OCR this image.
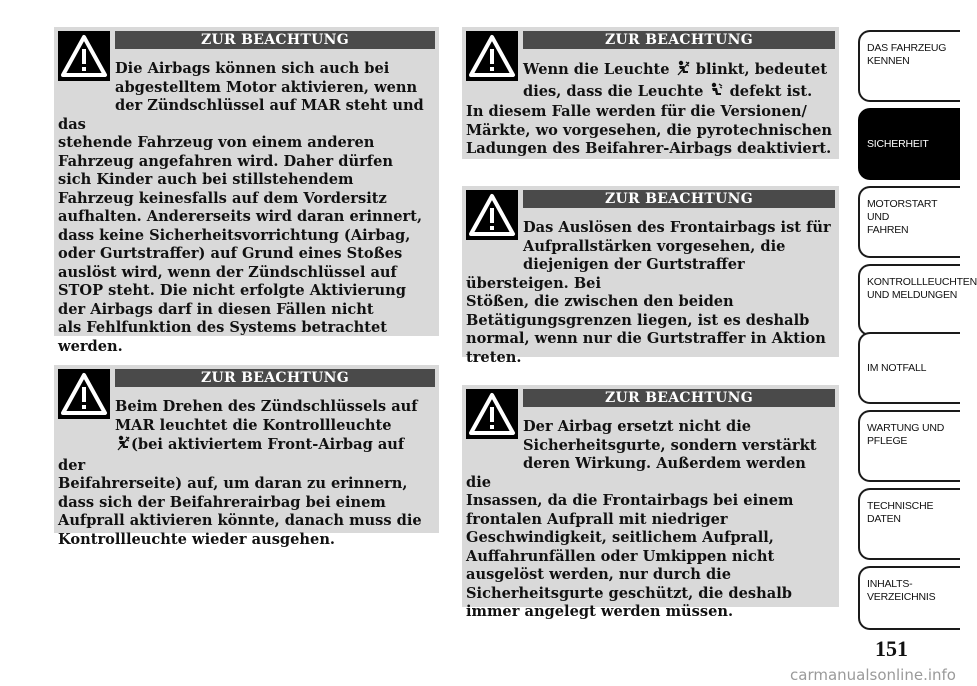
ZUR BEACHTUNG
Die Airbags können sich auch bei
abgestelltem Motor aktivieren, wenn
der Zündschlüssel auf MAR steht und das
stehende Fahrzeug von einem anderen
Fahrzeug angefahren wird. Daher dürfen
sich Kinder auch bei stillstehendem
Fahrzeug keinesfalls auf dem Vordersitz
aufhalten. Andererseits wird daran erinnert,
dass keine Sicherheitsvorrichtung (Airbag,
oder Gurtstraffer) auf Grund eines Stoßes
auslöst wird, wenn der Zündschlüssel auf
STOP steht. Die nicht erfolgte Aktivierung
der Airbags darf in diesen Fällen nicht
als Fehlfunktion des Systems betrachtet
werden.
ZUR BEACHTUNG
Beim Drehen des Zündschlüssels auf
MAR leuchtet die Kontrollleuchte
(bei aktiviertem Front-Airbag auf der
Beifahrerseite) auf, um daran zu erinnern,
dass sich der Beifahrerairbag bei einem
Aufprall aktivieren könnte, danach muss die
Kontrollleuchte wieder ausgehen.
ZUR BEACHTUNG
Wenn die Leuchte blinkt, bedeutet
dies, dass die Leuchte defekt ist.
In diesem Falle werden für die Versionen/
Märkte, wo vorgesehen, die pyrotechnischen
Ladungen des Beifahrer-Airbags deaktiviert.
ZUR BEACHTUNG
Das Auslösen des Frontairbags ist für
Aufprallstärken vorgesehen, die
diejenigen der Gurtstraffer übersteigen. Bei
Stößen, die zwischen den beiden
Betätigungsgrenzen liegen, ist es deshalb
normal, wenn nur die Gurtstraffer in Aktion
treten.
ZUR BEACHTUNG
Der Airbag ersetzt nicht die
Sicherheitsgurte, sondern verstärkt
deren Wirkung. Außerdem werden die
Insassen, da die Frontairbags bei einem
frontalen Aufprall mit niedriger
Geschwindigkeit, seitlichem Aufprall,
Auffahrunfällen oder Umkippen nicht
ausgelöst werden, nur durch die
Sicherheitsgurte geschützt, die deshalb
immer angelegt werden müssen.
DAS FAHRZEUG
KENNEN
SICHERHEIT
MOTORSTART UND
FAHREN
KONTROLLLEUCHTEN
UND MELDUNGEN
IM NOTFALL
WARTUNG UND
PFLEGE
TECHNISCHE
DATEN
INHALTS-
VERZEICHNIS
151
carmanualsonline.info
